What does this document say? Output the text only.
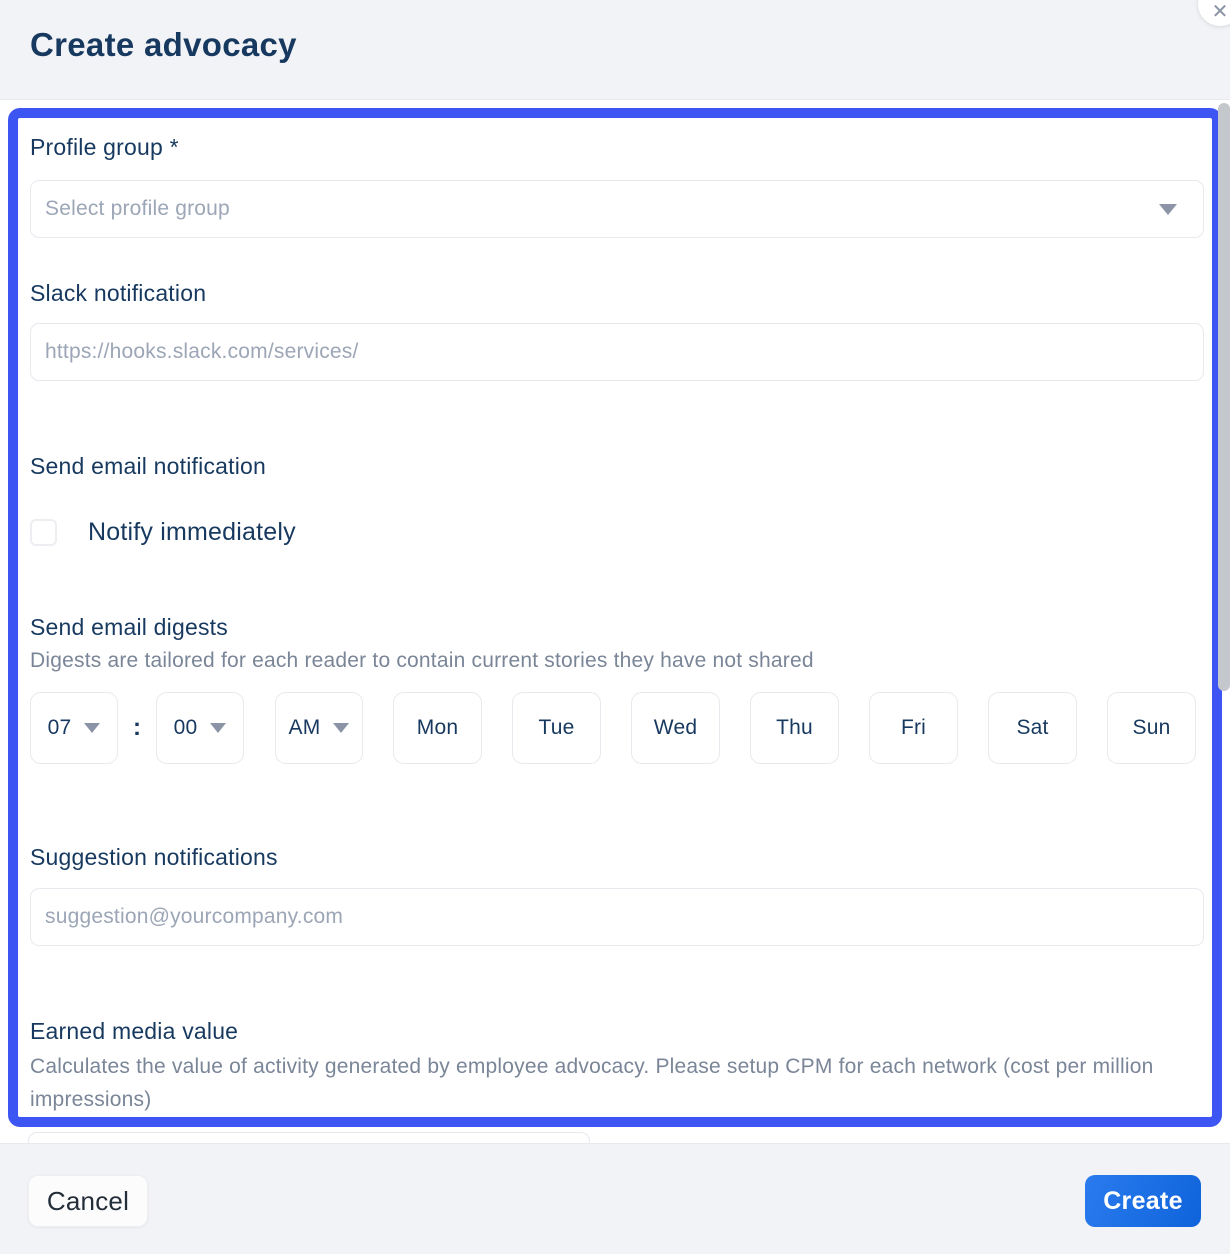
Create advocacy
✕
Profile group *
Select profile group
Slack notification
https://hooks.slack.com/services/
Send email notification
Notify immediately
Send email digests
Digests are tailored for each reader to contain current stories they have not shared
07	:	00	AM	Mon	Tue	Wed	Thu	Fri	Sat	Sun
Suggestion notifications
suggestion@yourcompany.com
Earned media value
Calculates the value of activity generated by employee advocacy. Please setup CPM for each network (cost per million impressions)
Cancel	Create
